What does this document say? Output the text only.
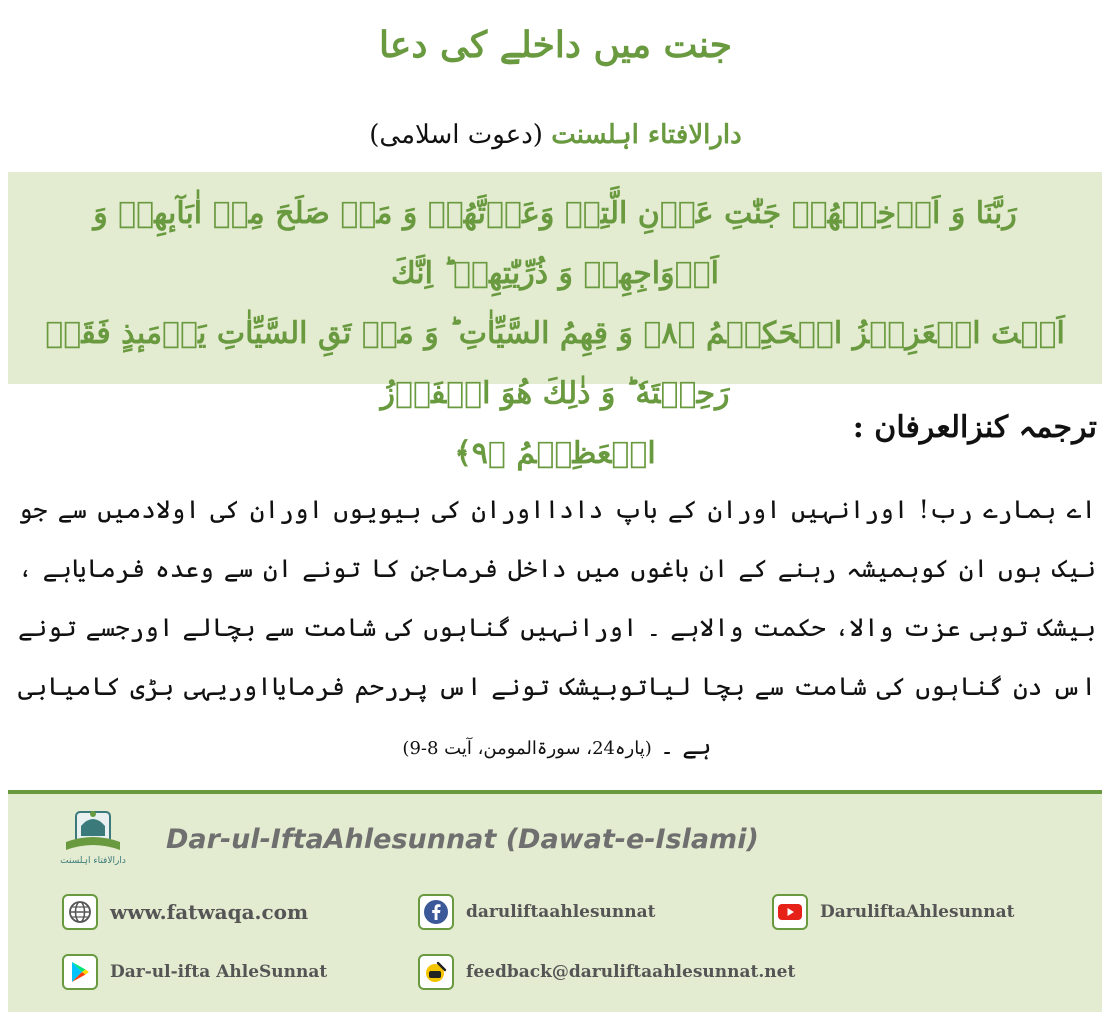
جنت میں داخلے کی دعا
دارالافتاء اہلسنت (دعوت اسلامی)
رَبَّنَا وَ اَدۡخِلۡهُمۡ جَنّٰتِ عَدۡنِ الَّتِیۡ وَعَدۡتَّهُمۡ وَ مَنۡ صَلَحَ مِنۡ اٰبَآىٕهِمۡ وَ اَزۡوَاجِهِمۡ وَ ذُرِّیّٰتِهِمۡ ؕ اِنَّكَ
اَنۡتَ الۡعَزِیۡزُ الۡحَكِیۡمُ ﴿۸﴾ وَ قِهِمُ السَّیِّاٰتِ ؕ وَ مَنۡ تَقِ السَّیِّاٰتِ یَوۡمَىٕذٍ فَقَدۡ رَحِمۡتَهٗ ؕ وَ ذٰلِكَ هُوَ الۡفَوۡزُ
الۡعَظِیۡمُ ﴿۹﴾
ترجمہ کنزالعرفان :
اے ہمارے رب! اورانہیں اوران کے باپ دادااوران کی بیویوں اوران کی اولادمیں سے جو نیک ہوں ان کوہمیشہ رہنے کے ان باغوں میں داخل فرماجن کا تونے ان سے وعدہ فرمایاہے ، بیشک توہی عزت والا، حکمت والاہے ۔ اورانہیں گناہوں کی شامت سے بچالے اورجسے تونے اس دن گناہوں کی شامت سے بچا لیاتوبیشک تونے اس پررحم فرمایااوریہی بڑی کامیابی ہے ۔ (پارہ24، سورۃالمومن، آیت 8-9)
دارالافتاء اہلسنت
Dar-ul-IftaAhlesunnat (Dawat-e-Islami)
www.fatwaqa.com	daruliftaahlesunnat	DaruliftaAhlesunnat
Dar-ul-ifta AhleSunnat	feedback@daruliftaahlesunnat.net
